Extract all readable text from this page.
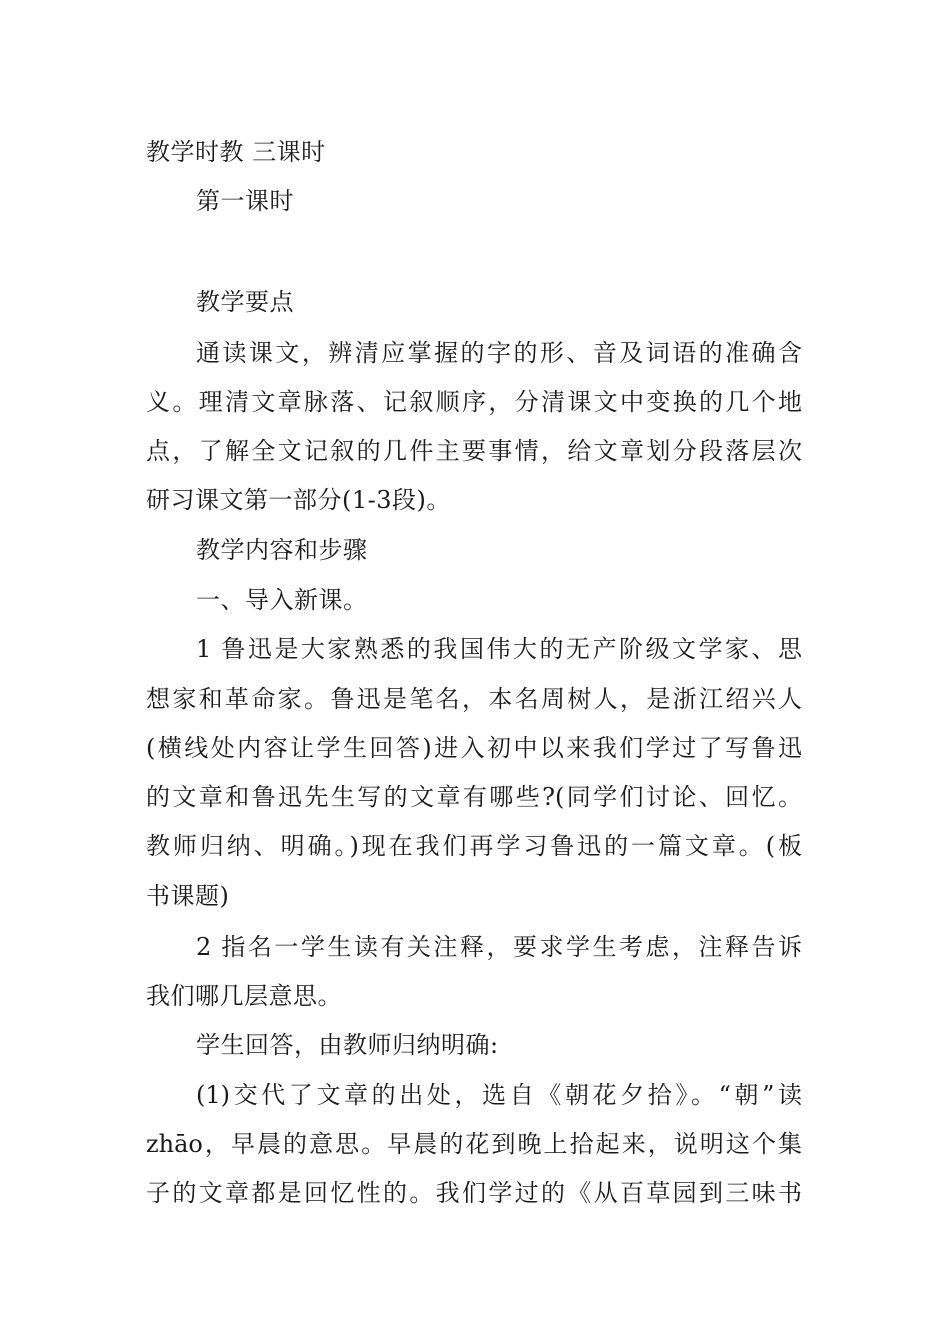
教学时教 三课时
第一课时
教学要点
通读课文，辨清应掌握的字的形、音及词语的准确含
义。理清文章脉落、记叙顺序，分清课文中变换的几个地
点，了解全文记叙的几件主要事情，给文章划分段落层次
研习课文第一部分(1-3段)。
教学内容和步骤
一、导入新课。
1 鲁迅是大家熟悉的我国伟大的无产阶级文学家、思
想家和革命家。鲁迅是笔名，本名周树人，是浙江绍兴人
(横线处内容让学生回答)进入初中以来我们学过了写鲁迅
的文章和鲁迅先生写的文章有哪些?(同学们讨论、回忆。
教师归纳、明确。)现在我们再学习鲁迅的一篇文章。(板
书课题)
2 指名一学生读有关注释，要求学生考虑，注释告诉
我们哪几层意思。
学生回答，由教师归纳明确:
(1)交代了文章的出处，选自《朝花夕拾》。“朝”读
zhāo，早晨的意思。早晨的花到晚上拾起来，说明这个集
子的文章都是回忆性的。我们学过的《从百草园到三味书
